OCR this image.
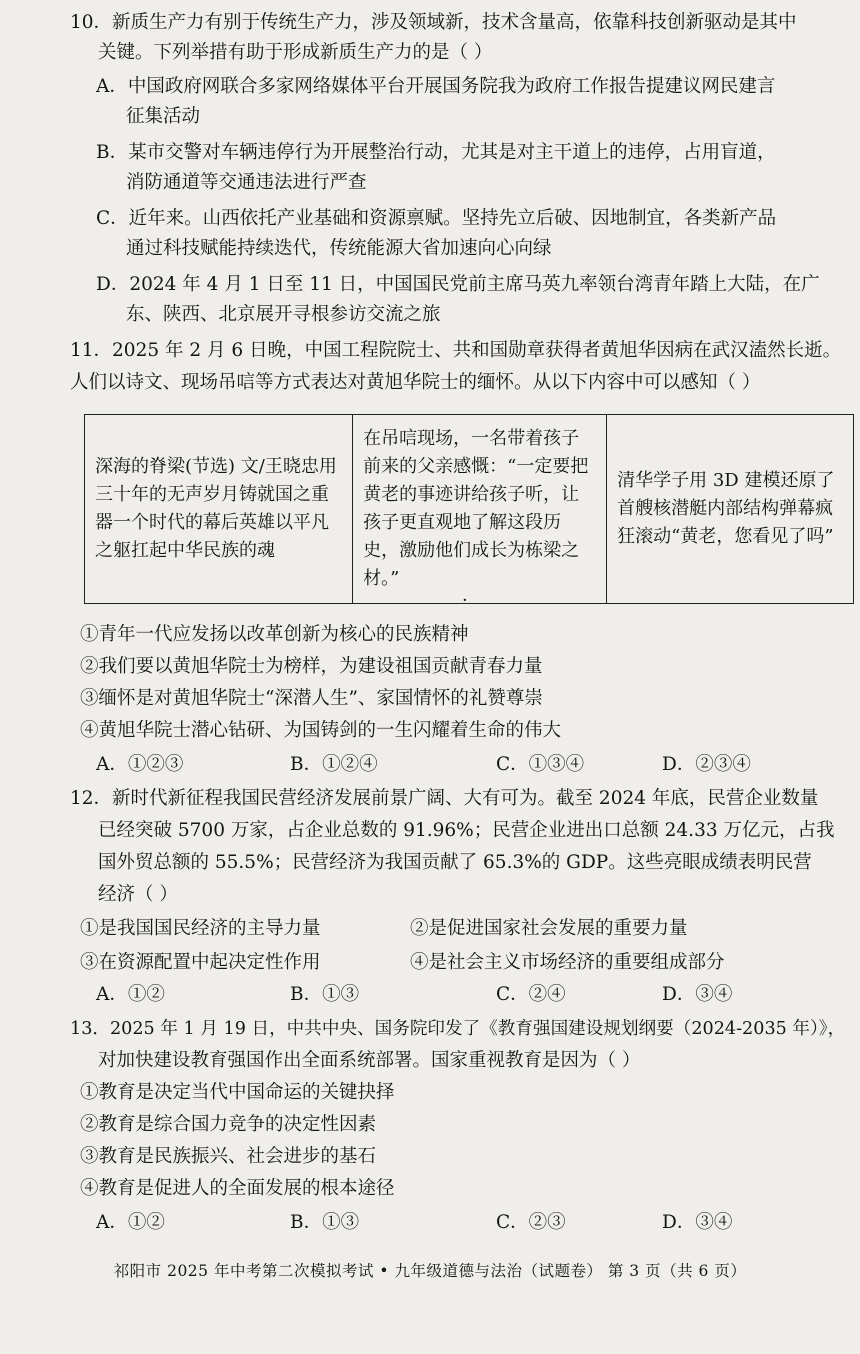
10．新质生产力有别于传统生产力，涉及领域新，技术含量高，依靠科技创新驱动是其中
关键。下列举措有助于形成新质生产力的是（ ）
A．中国政府网联合多家网络媒体平台开展国务院我为政府工作报告提建议网民建言
征集活动
B．某市交警对车辆违停行为开展整治行动，尤其是对主干道上的违停，占用盲道，
消防通道等交通违法进行严查
C．近年来。山西依托产业基础和资源禀赋。坚持先立后破、因地制宜，各类新产品
通过科技赋能持续迭代，传统能源大省加速向心向绿
D．2024 年 4 月 1 日至 11 日，中国国民党前主席马英九率领台湾青年踏上大陆，在广
东、陕西、北京展开寻根参访交流之旅
11．2025 年 2 月 6 日晚，中国工程院院士、共和国勋章获得者黄旭华因病在武汉溘然长逝。
人们以诗文、现场吊唁等方式表达对黄旭华院士的缅怀。从以下内容中可以感知（ ）
深海的脊梁(节选) 文/王晓忠用三十年的无声岁月铸就国之重器一个时代的幕后英雄以平凡之躯扛起中华民族的魂	在吊唁现场，一名带着孩子前来的父亲感慨：“一定要把黄老的事迹讲给孩子听，让孩子更直观地了解这段历史，激励他们成长为栋梁之材。”	清华学子用 3D 建模还原了首艘核潜艇内部结构弹幕疯狂滚动“黄老，您看见了吗”
·
①青年一代应发扬以改革创新为核心的民族精神
②我们要以黄旭华院士为榜样，为建设祖国贡献青春力量
③缅怀是对黄旭华院士“深潜人生”、家国情怀的礼赞尊崇
④黄旭华院士潜心钻研、为国铸剑的一生闪耀着生命的伟大
A．①②③	B．①②④	C．①③④	D．②③④
12．新时代新征程我国民营经济发展前景广阔、大有可为。截至 2024 年底，民营企业数量
已经突破 5700 万家，占企业总数的 91.96%；民营企业进出口总额 24.33 万亿元，占我
国外贸总额的 55.5%；民营经济为我国贡献了 65.3%的 GDP。这些亮眼成绩表明民营
经济（ ）
①是我国国民经济的主导力量	②是促进国家社会发展的重要力量
③在资源配置中起决定性作用	④是社会主义市场经济的重要组成部分
A．①②	B．①③	C．②④	D．③④
13．2025 年 1 月 19 日，中共中央、国务院印发了《教育强国建设规划纲要（2024-2035 年）》，
对加快建设教育强国作出全面系统部署。国家重视教育是因为（ ）
①教育是决定当代中国命运的关键抉择
②教育是综合国力竞争的决定性因素
③教育是民族振兴、社会进步的基石
④教育是促进人的全面发展的根本途径
A．①②	B．①③	C．②③	D．③④
祁阳市 2025 年中考第二次模拟考试 • 九年级道德与法治（试题卷） 第 3 页（共 6 页）
